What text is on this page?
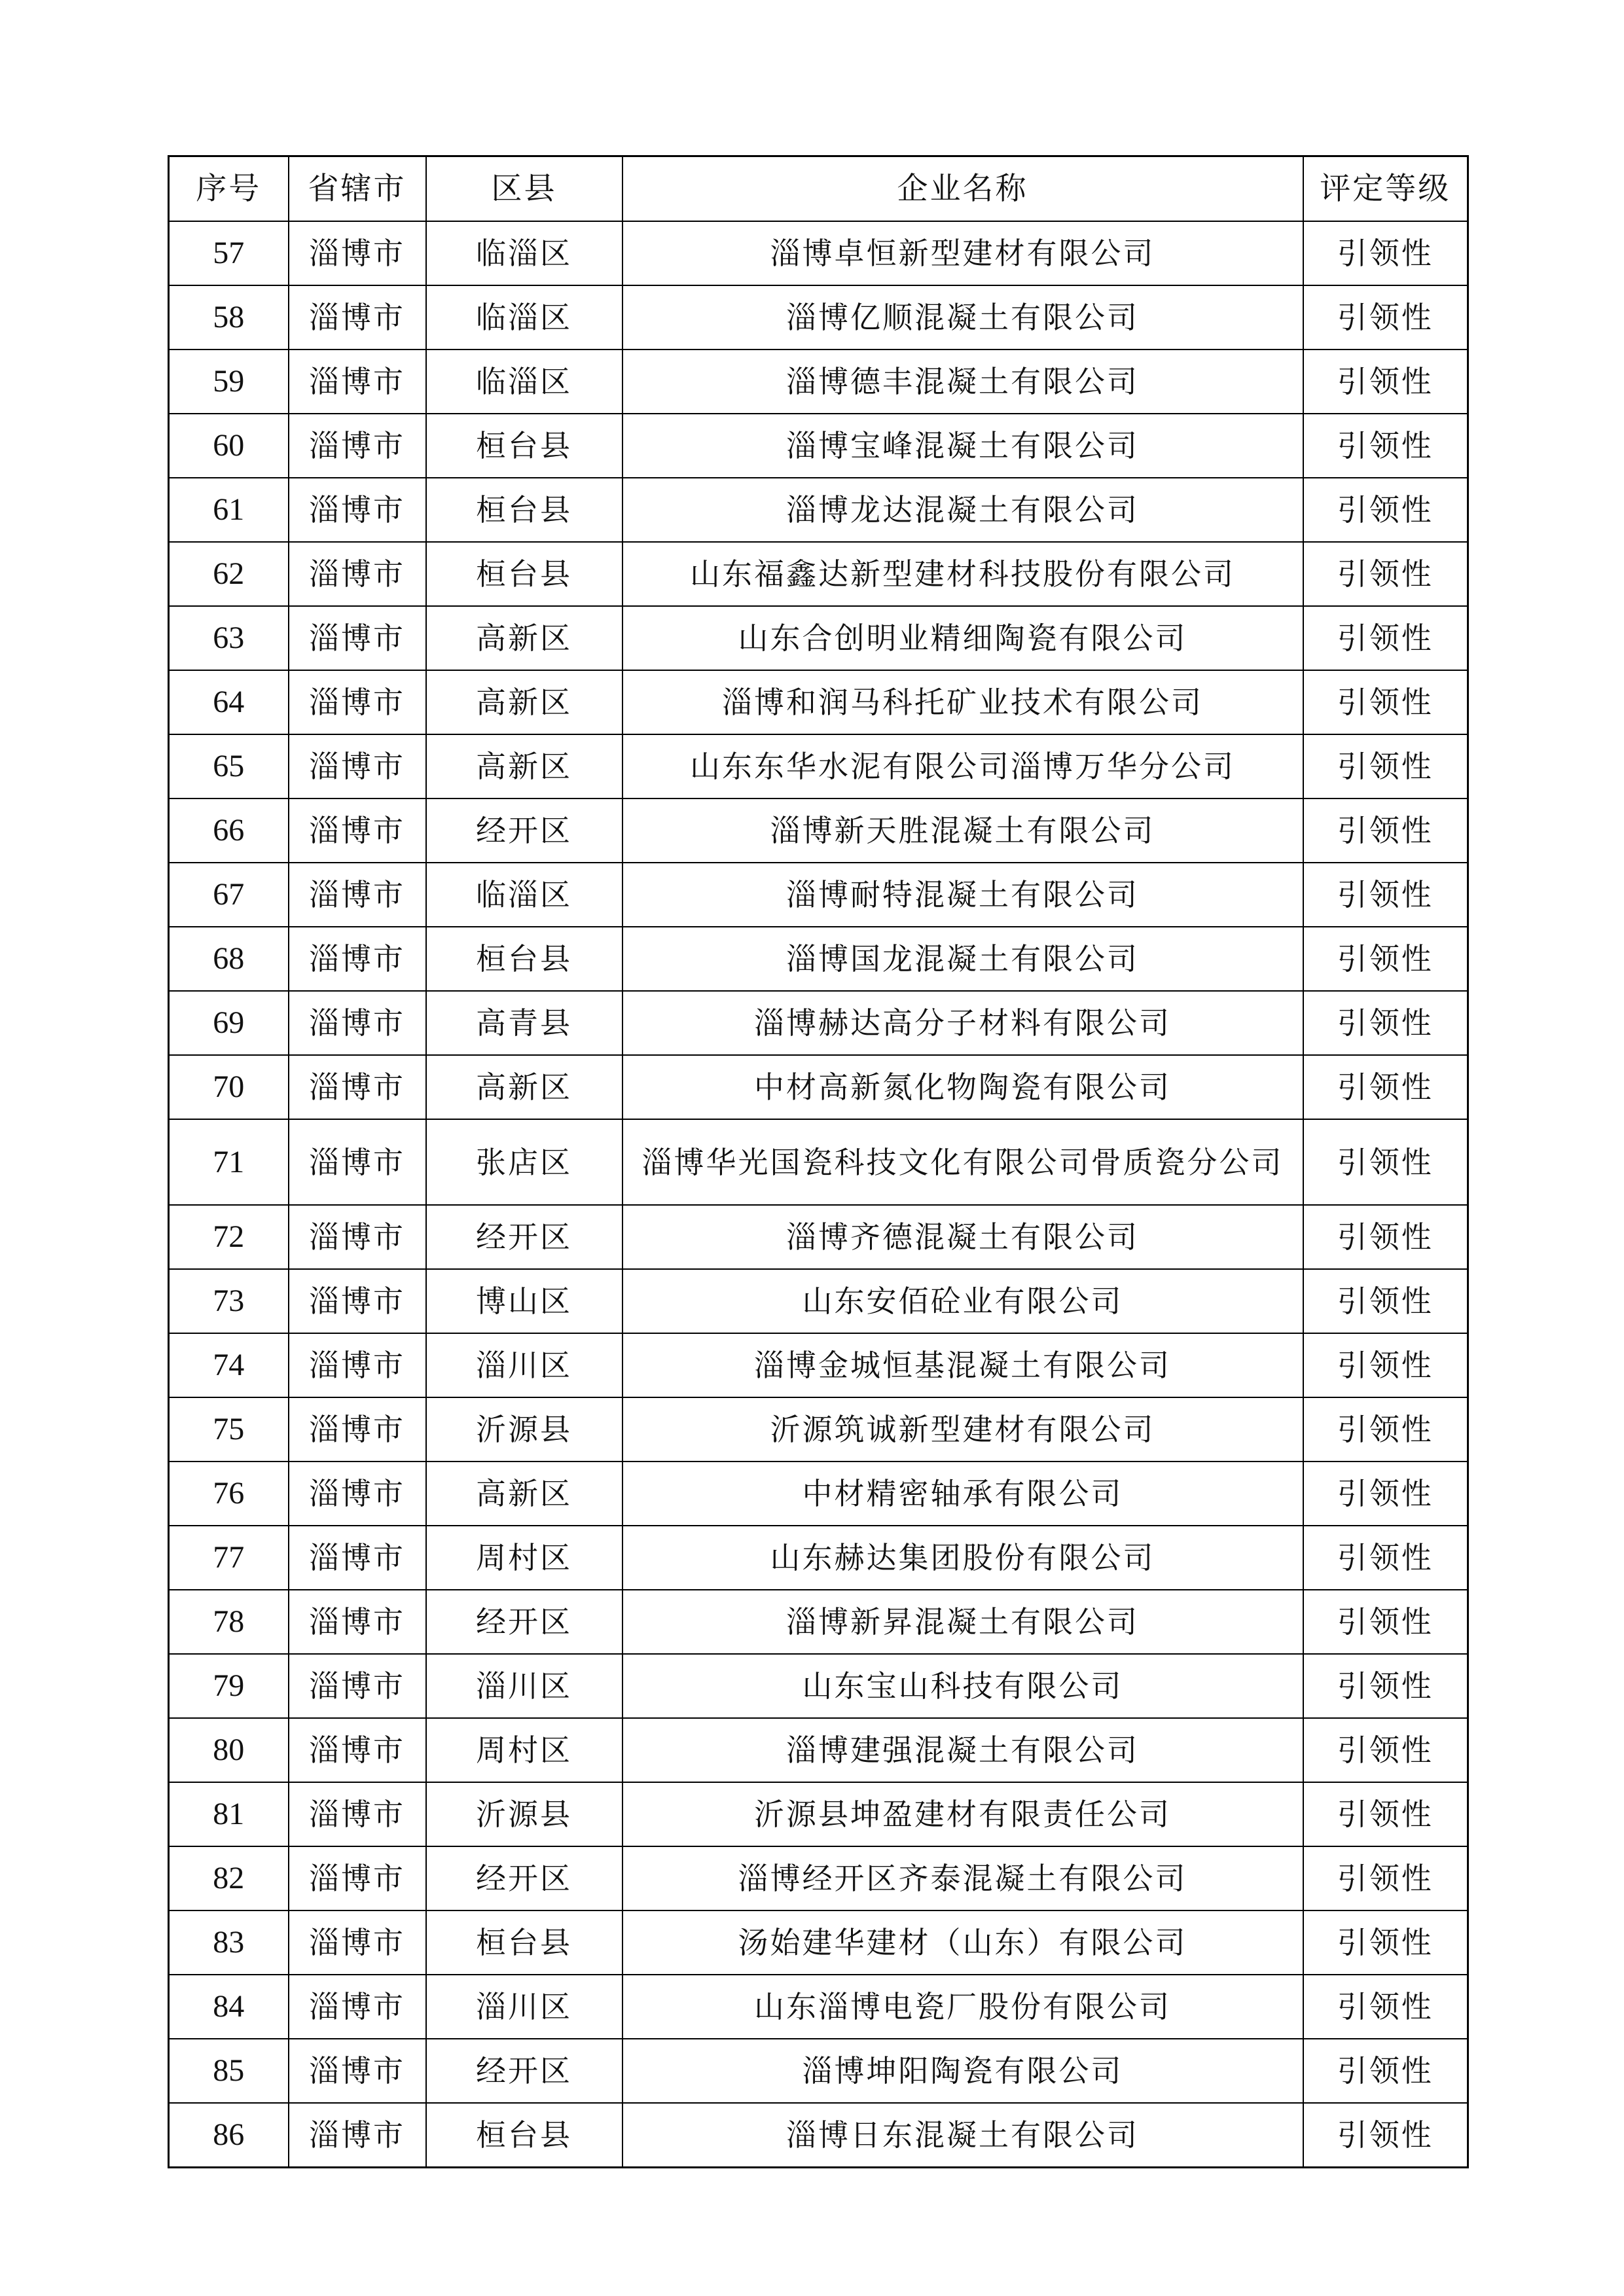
序号	省辖市	区县	企业名称	评定等级
57	淄博市	临淄区	淄博卓恒新型建材有限公司	引领性
58	淄博市	临淄区	淄博亿顺混凝土有限公司	引领性
59	淄博市	临淄区	淄博德丰混凝土有限公司	引领性
60	淄博市	桓台县	淄博宝峰混凝土有限公司	引领性
61	淄博市	桓台县	淄博龙达混凝土有限公司	引领性
62	淄博市	桓台县	山东福鑫达新型建材科技股份有限公司	引领性
63	淄博市	高新区	山东合创明业精细陶瓷有限公司	引领性
64	淄博市	高新区	淄博和润马科托矿业技术有限公司	引领性
65	淄博市	高新区	山东东华水泥有限公司淄博万华分公司	引领性
66	淄博市	经开区	淄博新天胜混凝土有限公司	引领性
67	淄博市	临淄区	淄博耐特混凝土有限公司	引领性
68	淄博市	桓台县	淄博国龙混凝土有限公司	引领性
69	淄博市	高青县	淄博赫达高分子材料有限公司	引领性
70	淄博市	高新区	中材高新氮化物陶瓷有限公司	引领性
71	淄博市	张店区	淄博华光国瓷科技文化有限公司骨质瓷分公司	引领性
72	淄博市	经开区	淄博齐德混凝土有限公司	引领性
73	淄博市	博山区	山东安佰砼业有限公司	引领性
74	淄博市	淄川区	淄博金城恒基混凝土有限公司	引领性
75	淄博市	沂源县	沂源筑诚新型建材有限公司	引领性
76	淄博市	高新区	中材精密轴承有限公司	引领性
77	淄博市	周村区	山东赫达集团股份有限公司	引领性
78	淄博市	经开区	淄博新昇混凝土有限公司	引领性
79	淄博市	淄川区	山东宝山科技有限公司	引领性
80	淄博市	周村区	淄博建强混凝土有限公司	引领性
81	淄博市	沂源县	沂源县坤盈建材有限责任公司	引领性
82	淄博市	经开区	淄博经开区齐泰混凝土有限公司	引领性
83	淄博市	桓台县	汤始建华建材（山东）有限公司	引领性
84	淄博市	淄川区	山东淄博电瓷厂股份有限公司	引领性
85	淄博市	经开区	淄博坤阳陶瓷有限公司	引领性
86	淄博市	桓台县	淄博日东混凝土有限公司	引领性
